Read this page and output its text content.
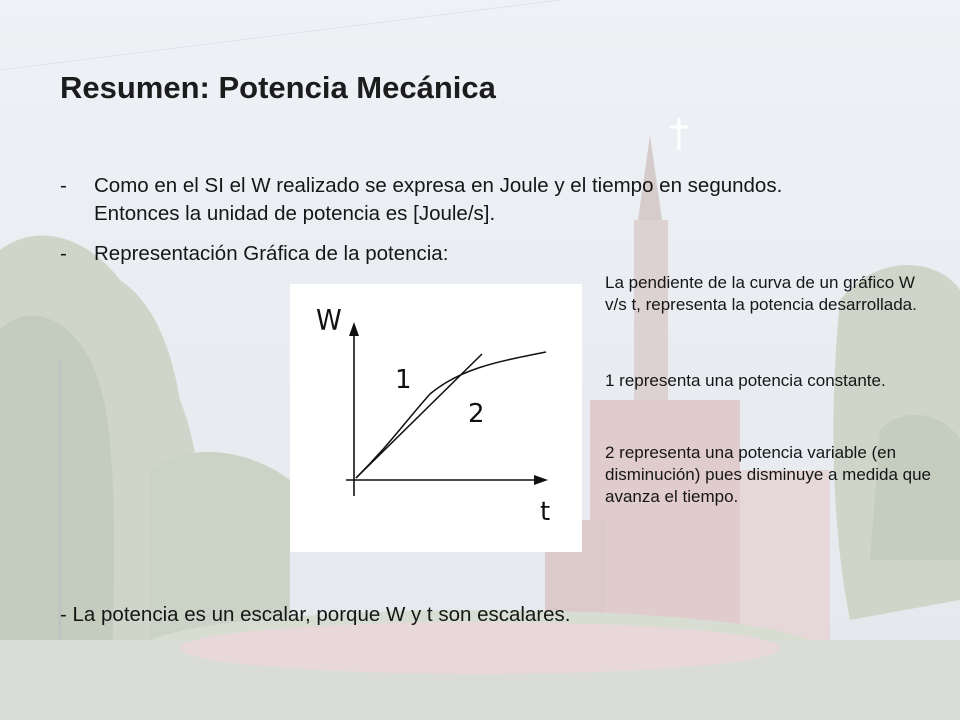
Resumen: Potencia Mecánica
-	Como en el SI el W realizado se expresa en Joule y el tiempo en segundos. Entonces la unidad de potencia es [Joule/s].
-	Representación Gráfica de la potencia:
W
t
1
2

La pendiente de la curva de un gráfico W v/s t, representa la potencia desarrollada.

1 representa una potencia constante.

2 representa una potencia variable (en disminución) pues disminuye a medida que avanza el tiempo.

- La potencia es un escalar, porque W y t son escalares.
